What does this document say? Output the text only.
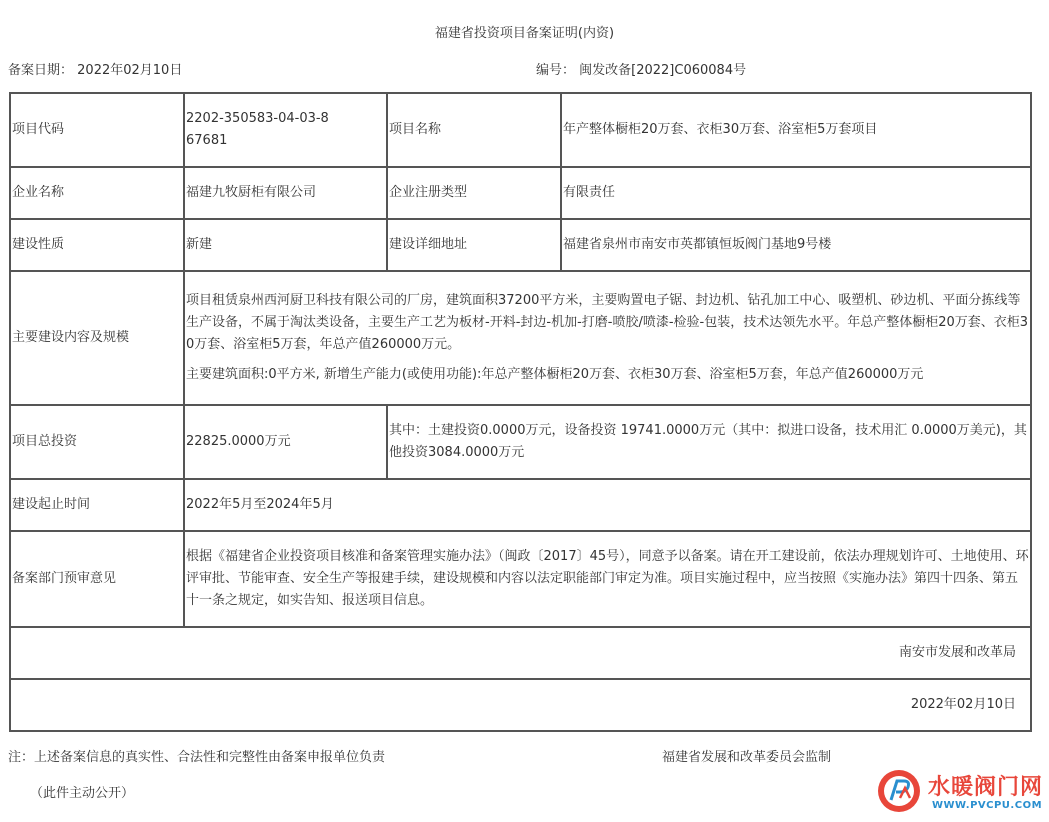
福建省投资项目备案证明(内资)
备案日期： 2022年02月10日	编号： 闽发改备[2022]C060084号
项目代码	2202-350583-04-03-867681	项目名称	年产整体橱柜20万套、衣柜30万套、浴室柜5万套项目
企业名称	福建九牧厨柜有限公司	企业注册类型	有限责任
建设性质	新建	建设详细地址	福建省泉州市南安市英都镇恒坂阀门基地9号楼
主要建设内容及规模	项目租赁泉州西河厨卫科技有限公司的厂房，建筑面积37200平方米，主要购置电子锯、封边机、钻孔加工中心、吸塑机、砂边机、平面分拣线等生产设备，不属于淘汰类设备，主要生产工艺为板材-开料-封边-机加-打磨-喷胶/喷漆-检验-包装，技术达领先水平。年总产整体橱柜20万套、衣柜30万套、浴室柜5万套，年总产值260000万元。

主要建筑面积:0平方米, 新增生产能力(或使用功能):年总产整体橱柜20万套、衣柜30万套、浴室柜5万套，年总产值260000万元		

项目总投资	22825.0000万元	其中：土建投资0.0000万元，设备投资 19741.0000万元（其中：拟进口设备，技术用汇 0.0000万美元)，其他投资3084.0000万元	
建设起止时间	2022年5月至2024年5月		
备案部门预审意见	根据《福建省企业投资项目核准和备案管理实施办法》（闽政〔2017〕45号），同意予以备案。请在开工建设前，依法办理规划许可、土地使用、环评审批、节能审查、安全生产等报建手续，建设规模和内容以法定职能部门审定为准。项目实施过程中，应当按照《实施办法》第四十四条、第五十一条之规定，如实告知、报送项目信息。		
南安市发展和改革局			
2022年02月10日			
注：上述备案信息的真实性、合法性和完整性由备案申报单位负责	福建省发展和改革委员会监制
（此件主动公开）	水暖阀门网
WWW.PVCPU.COM
